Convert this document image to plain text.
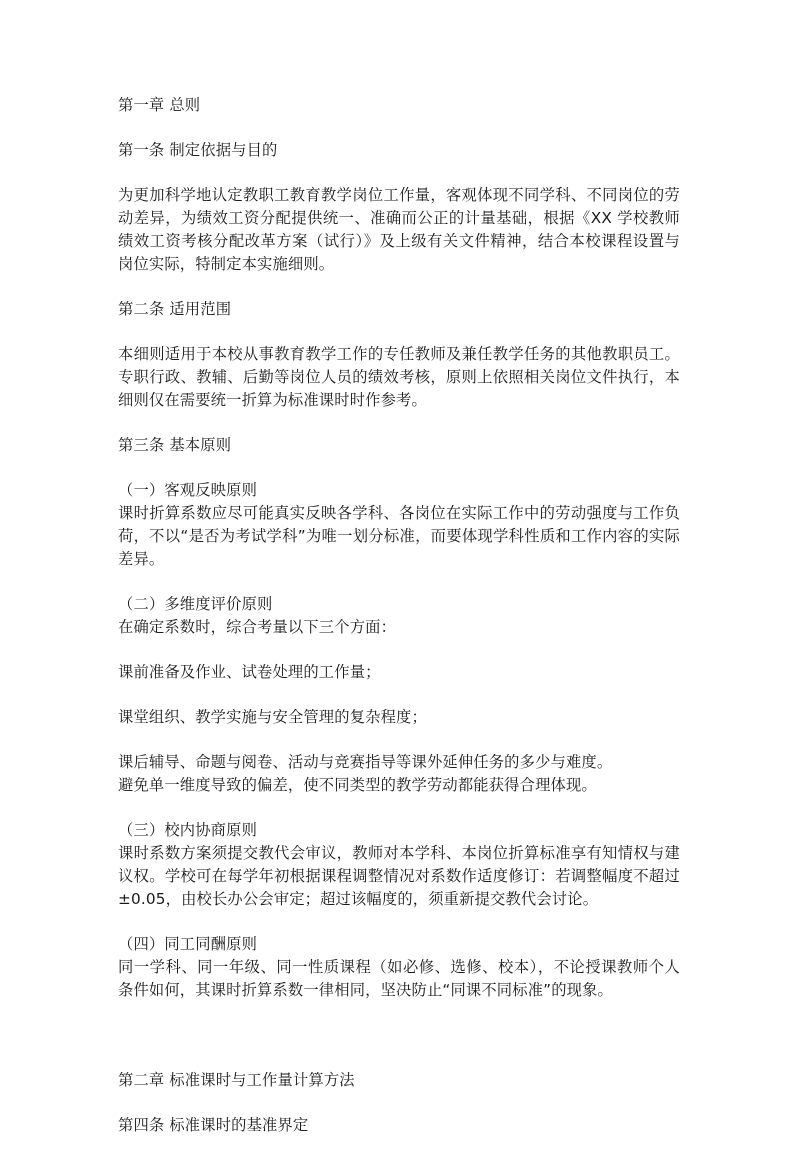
第一章 总则

第一条 制定依据与目的

为更加科学地认定教职工教育教学岗位工作量，客观体现不同学科、不同岗位的劳动差异，为绩效工资分配提供统一、准确而公正的计量基础，根据《XX 学校教师绩效工资考核分配改革方案（试行）》及上级有关文件精神，结合本校课程设置与岗位实际，特制定本实施细则。

第二条 适用范围

本细则适用于本校从事教育教学工作的专任教师及兼任教学任务的其他教职员工。专职行政、教辅、后勤等岗位人员的绩效考核，原则上依照相关岗位文件执行，本细则仅在需要统一折算为标准课时时作参考。

第三条 基本原则

（一）客观反映原则

课时折算系数应尽可能真实反映各学科、各岗位在实际工作中的劳动强度与工作负荷，不以“是否为考试学科”为唯一划分标准，而要体现学科性质和工作内容的实际差异。

（二）多维度评价原则

在确定系数时，综合考量以下三个方面：

课前准备及作业、试卷处理的工作量；

课堂组织、教学实施与安全管理的复杂程度；

课后辅导、命题与阅卷、活动与竞赛指导等课外延伸任务的多少与难度。

避免单一维度导致的偏差，使不同类型的教学劳动都能获得合理体现。

（三）校内协商原则

课时系数方案须提交教代会审议，教师对本学科、本岗位折算标准享有知情权与建议权。学校可在每学年初根据课程调整情况对系数作适度修订：若调整幅度不超过±0.05，由校长办公会审定；超过该幅度的，须重新提交教代会讨论。

（四）同工同酬原则

同一学科、同一年级、同一性质课程（如必修、选修、校本），不论授课教师个人条件如何，其课时折算系数一律相同，坚决防止“同课不同标准”的现象。

第二章 标准课时与工作量计算方法

第四条 标准课时的基准界定
